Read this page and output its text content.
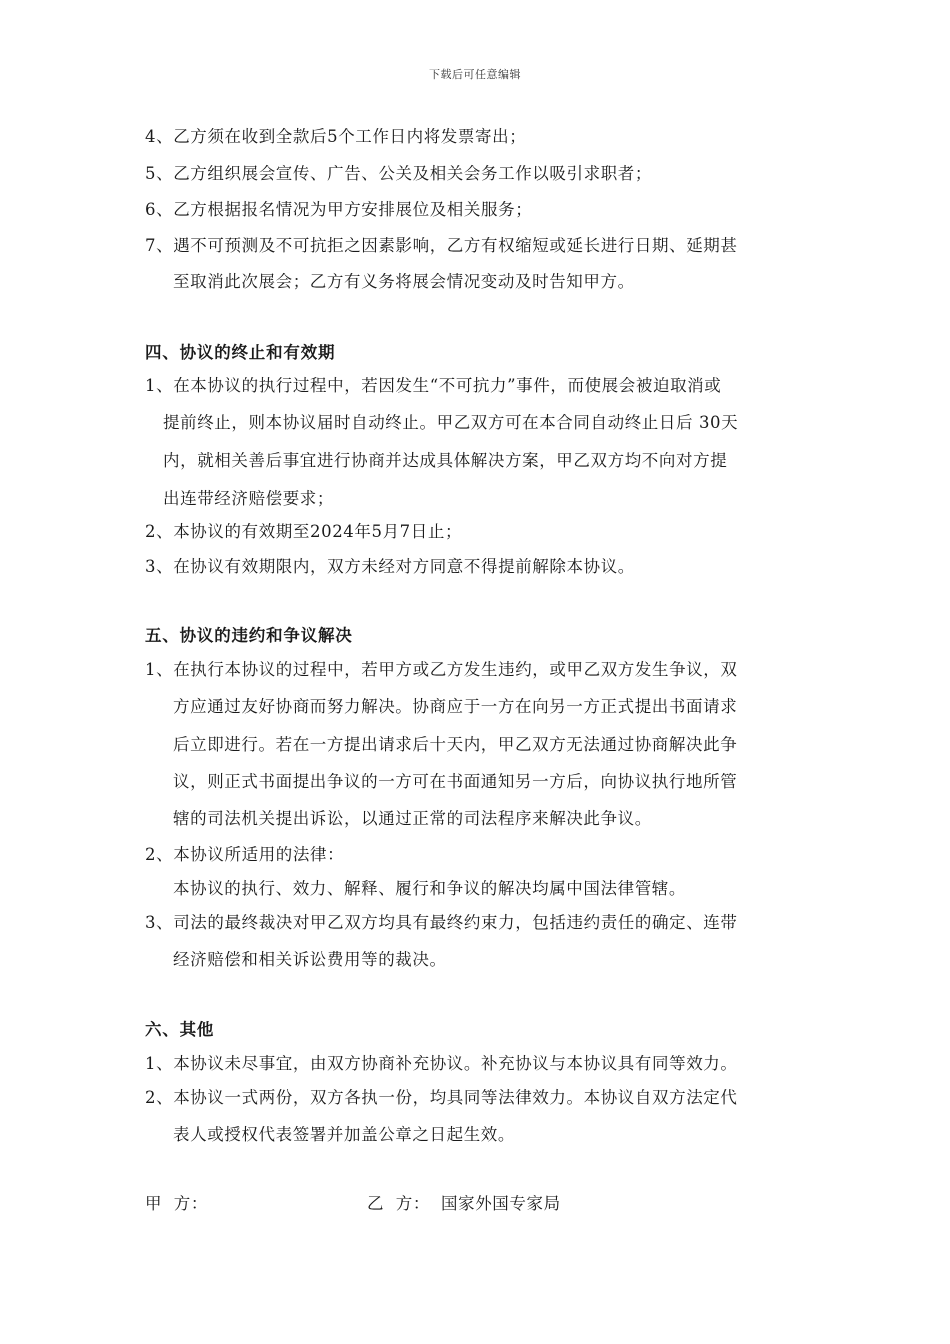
下载后可任意编辑
4、乙方须在收到全款后5个工作日内将发票寄出；
5、乙方组织展会宣传、广告、公关及相关会务工作以吸引求职者；
6、乙方根据报名情况为甲方安排展位及相关服务；
7、遇不可预测及不可抗拒之因素影响，乙方有权缩短或延长进行日期、延期甚
至取消此次展会；乙方有义务将展会情况变动及时告知甲方。
四、协议的终止和有效期
1、在本协议的执行过程中，若因发生“不可抗力”事件，而使展会被迫取消或
提前终止，则本协议届时自动终止。甲乙双方可在本合同自动终止日后 30天
内，就相关善后事宜进行协商并达成具体解决方案，甲乙双方均不向对方提
出连带经济赔偿要求；
2、本协议的有效期至2024年5月7日止；
3、在协议有效期限内，双方未经对方同意不得提前解除本协议。
五、协议的违约和争议解决
1、在执行本协议的过程中，若甲方或乙方发生违约，或甲乙双方发生争议，双
方应通过友好协商而努力解决。协商应于一方在向另一方正式提出书面请求
后立即进行。若在一方提出请求后十天内，甲乙双方无法通过协商解决此争
议，则正式书面提出争议的一方可在书面通知另一方后，向协议执行地所管
辖的司法机关提出诉讼，以通过正常的司法程序来解决此争议。
2、本协议所适用的法律：
本协议的执行、效力、解释、履行和争议的解决均属中国法律管辖。
3、司法的最终裁决对甲乙双方均具有最终约束力，包括违约责任的确定、连带
经济赔偿和相关诉讼费用等的裁决。
六、其他
1、本协议未尽事宜，由双方协商补充协议。补充协议与本协议具有同等效力。
2、本协议一式两份，双方各执一份，均具同等法律效力。本协议自双方法定代
表人或授权代表签署并加盖公章之日起生效。
甲  方：	乙  方： 国家外国专家局
